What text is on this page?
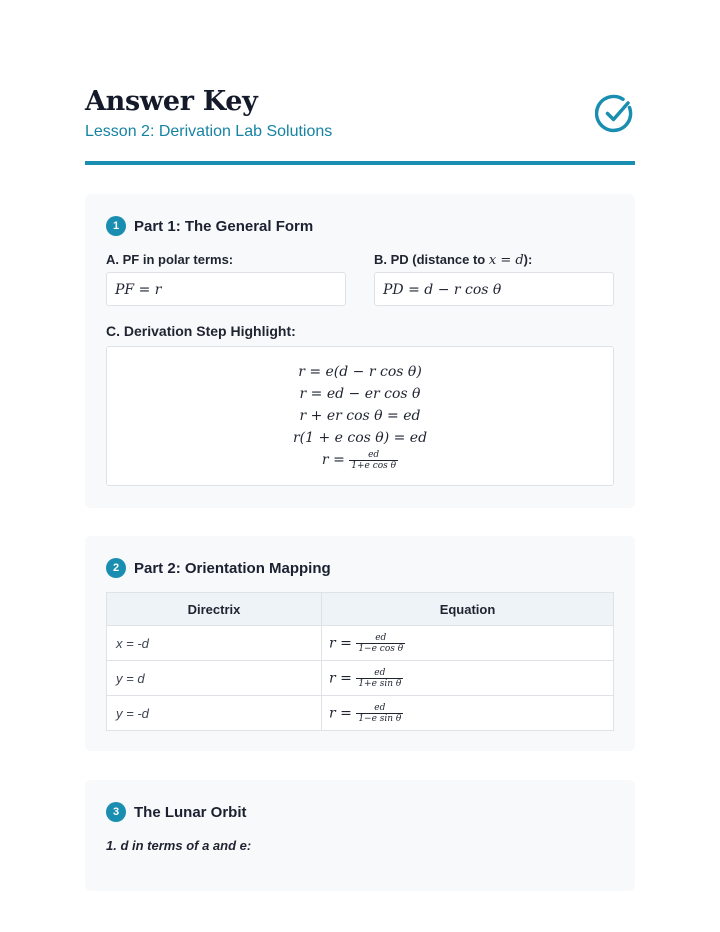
Answer Key
Lesson 2: Derivation Lab Solutions
1 Part 1: The General Form
A. PF in polar terms:	B. PD (distance to x = d):
PF = r	PD = d − r cos θ
C. Derivation Step Highlight:
r = e(d − r cos θ)
r = ed − er cos θ
r + er cos θ = ed
r(1 + e cos θ) = ed
$r = \frac{ed}{\text{1+e cos θ}}$
2 Part 2: Orientation Mapping
Directrix	Equation
x = -d	$r = \frac{ed}{\text{1−e cos θ}}$

y = d	$r = \frac{ed}{\text{1+e sin θ}}$

y = -d	$r = \frac{ed}{\text{1−e sin θ}}$
3 The Lunar Orbit
1. d in terms of a and e:
